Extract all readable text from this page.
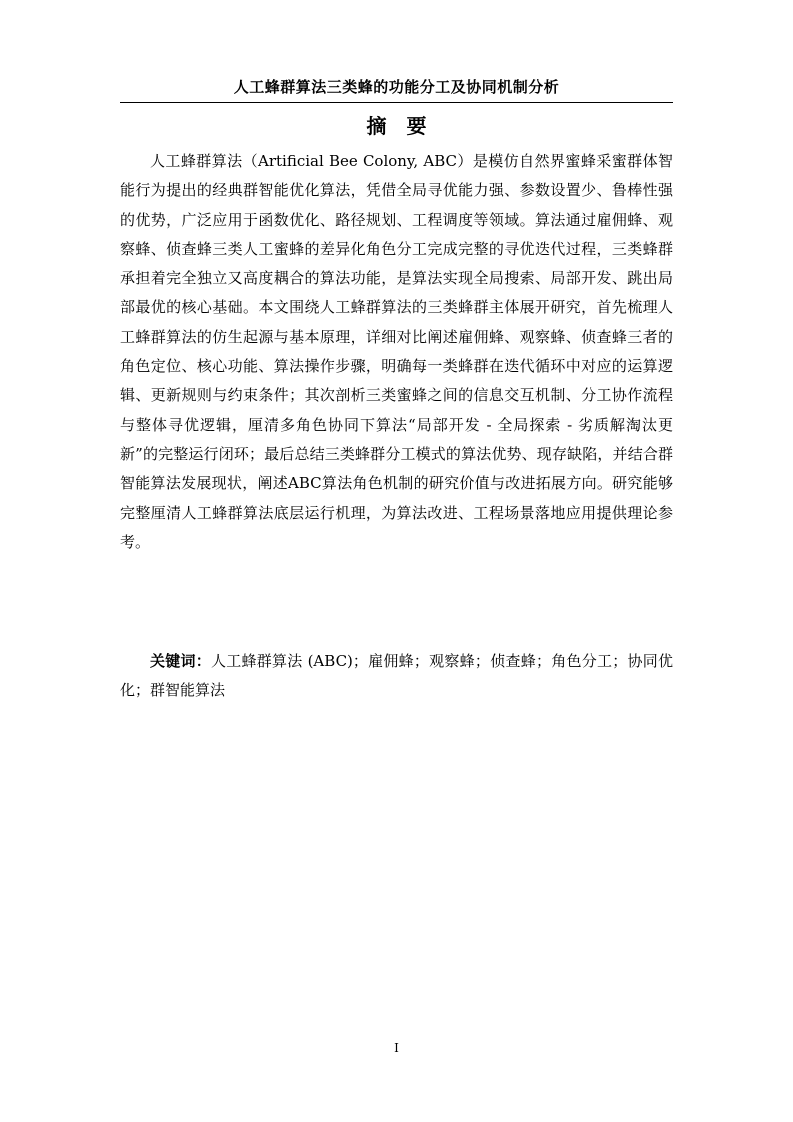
人工蜂群算法三类蜂的功能分工及协同机制分析
摘要

人工蜂群算法（Artificial Bee Colony, ABC）是模仿自然界蜜蜂采蜜群体智能行为提出的经典群智能优化算法，凭借全局寻优能力强、参数设置少、鲁棒性强的优势，广泛应用于函数优化、路径规划、工程调度等领域。算法通过雇佣蜂、观察蜂、侦查蜂三类人工蜜蜂的差异化角色分工完成完整的寻优迭代过程，三类蜂群承担着完全独立又高度耦合的算法功能，是算法实现全局搜索、局部开发、跳出局部最优的核心基础。本文围绕人工蜂群算法的三类蜂群主体展开研究，首先梳理人工蜂群算法的仿生起源与基本原理，详细对比阐述雇佣蜂、观察蜂、侦查蜂三者的角色定位、核心功能、算法操作步骤，明确每一类蜂群在迭代循环中对应的运算逻辑、更新规则与约束条件；其次剖析三类蜜蜂之间的信息交互机制、分工协作流程与整体寻优逻辑，厘清多角色协同下算法“局部开发 - 全局探索 - 劣质解淘汰更新”的完整运行闭环；最后总结三类蜂群分工模式的算法优势、现存缺陷，并结合群智能算法发展现状，阐述ABC算法角色机制的研究价值与改进拓展方向。研究能够完整厘清人工蜂群算法底层运行机理，为算法改进、工程场景落地应用提供理论参考。

关键词：人工蜂群算法 (ABC)；雇佣蜂；观察蜂；侦查蜂；角色分工；协同优化；群智能算法

I
